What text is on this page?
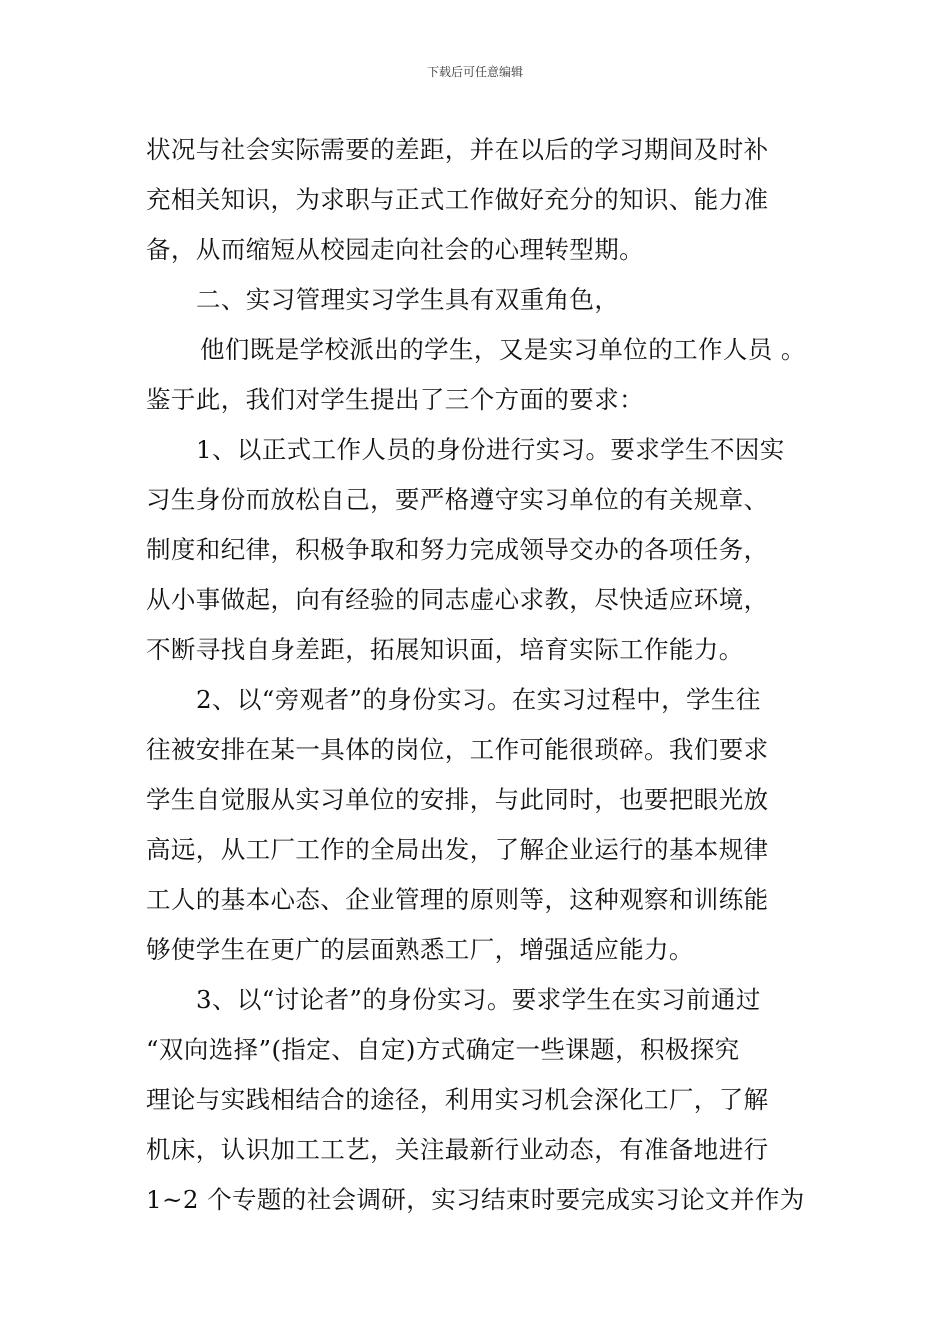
下载后可任意编辑
状况与社会实际需要的差距，并在以后的学习期间及时补
充相关知识，为求职与正式工作做好充分的知识、能力准
备，从而缩短从校园走向社会的心理转型期。
二、实习管理实习学生具有双重角色，
他们既是学校派出的学生，又是实习单位的工作人员 。
鉴于此，我们对学生提出了三个方面的要求：
1、以正式工作人员的身份进行实习。要求学生不因实
习生身份而放松自己，要严格遵守实习单位的有关规章、
制度和纪律，积极争取和努力完成领导交办的各项任务，
从小事做起，向有经验的同志虚心求教，尽快适应环境，
不断寻找自身差距，拓展知识面，培育实际工作能力。
2、以“旁观者”的身份实习。在实习过程中，学生往
往被安排在某一具体的岗位，工作可能很琐碎。我们要求
学生自觉服从实习单位的安排，与此同时，也要把眼光放
高远，从工厂工作的全局出发，了解企业运行的基本规律
工人的基本心态、企业管理的原则等，这种观察和训练能
够使学生在更广的层面熟悉工厂，增强适应能力。
3、以“讨论者”的身份实习。要求学生在实习前通过
“双向选择”(指定、自定)方式确定一些课题，积极探究
理论与实践相结合的途径，利用实习机会深化工厂，了解
机床，认识加工工艺，关注最新行业动态，有准备地进行
1~2 个专题的社会调研，实习结束时要完成实习论文并作为
